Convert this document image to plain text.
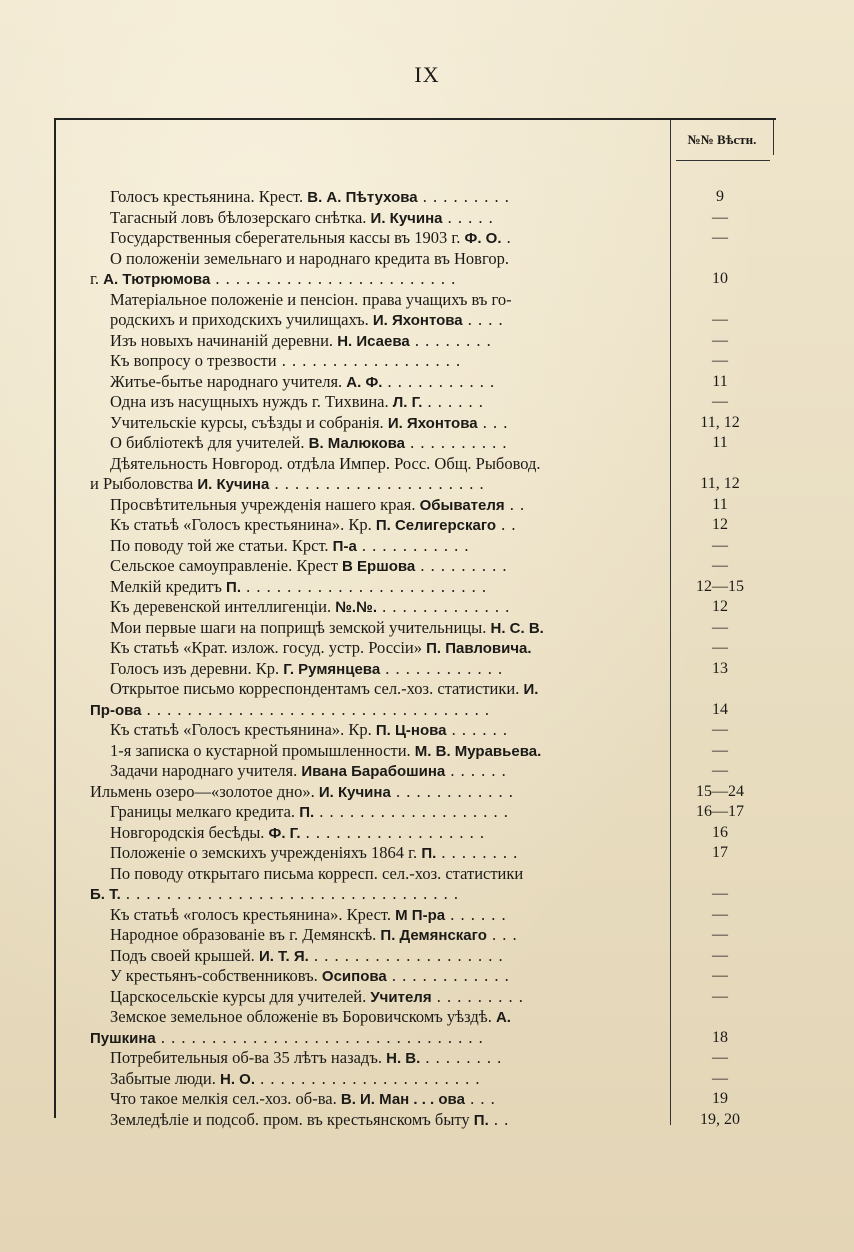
IX
№№ Вѣстн.
Голосъ крестьянина. Крест. В. А. Пѣтухова . . . . . . . . .	9
Тагасный ловъ бѣлозерскаго снѣтка. И. Кучина . . . . .	—
Государственныя сберегательныя кассы въ 1903 г. Ф. О. .	—
О положеніи земельнаго и народнаго кредита въ Новгор.
г. А. Тютрюмова . . . . . . . . . . . . . . . . . . . . . . . .	10
Матеріальное положеніе и пенсіон. права учащихъ въ го-
родскихъ и приходскихъ училищахъ. И. Яхонтова . . . .	—
Изъ новыхъ начинаній деревни. Н. Исаева . . . . . . . .	—
Къ вопросу о трезвости . . . . . . . . . . . . . . . . . .	—
Житье-бытье народнаго учителя. А. Ф. . . . . . . . . . . .	11
Одна изъ насущныхъ нуждъ г. Тихвина. Л. Г. . . . . . .	—
Учительскіе курсы, съѣзды и собранія. И. Яхонтова . . .	11, 12
О библіотекѣ для учителей. В. Малюкова . . . . . . . . . .	11
Дѣятельность Новгород. отдѣла Импер. Росс. Общ. Рыбовод.
и Рыболовства И. Кучина . . . . . . . . . . . . . . . . . . . . .	11, 12
Просвѣтительныя учрежденія нашего края. Обывателя . .	11
Къ статьѣ «Голосъ крестьянина». Кр. П. Селигерскаго . .	12
По поводу той же статьи. Крст. П-а . . . . . . . . . . .	—
Сельское самоуправленіе. Крест В Ершова . . . . . . . . .	—
Мелкій кредитъ П. . . . . . . . . . . . . . . . . . . . . . . . .	12—15
Къ деревенской интеллигенціи. №.№. . . . . . . . . . . . . .	12
Мои первые шаги на поприщѣ земской учительницы. Н. С. В.	—
Къ статьѣ «Крат. излож. госуд. устр. Россіи» П. Павловича.	—
Голосъ изъ деревни. Кр. Г. Румянцева . . . . . . . . . . . .	13
Открытое письмо корреспондентамъ сел.-хоз. статистики. И.
Пр-ова . . . . . . . . . . . . . . . . . . . . . . . . . . . . . . . . . .	14
Къ статьѣ «Голосъ крестьянина». Кр. П. Ц-нова . . . . . .	—
1-я записка о кустарной промышленности. М. В. Муравьева.	—
Задачи народнаго учителя. Ивана Барабошина . . . . . .	—
Ильмень озеро—«золотое дно». И. Кучина . . . . . . . . . . . .	15—24
Границы мелкаго кредита. П. . . . . . . . . . . . . . . . . . . .	16—17
Новгородскія бесѣды. Ф. Г. . . . . . . . . . . . . . . . . . .	16
Положеніе о земскихъ учрежденіяхъ 1864 г. П. . . . . . . . .	17
По поводу открытаго письма корресп. сел.-хоз. статистики
Б. Т. . . . . . . . . . . . . . . . . . . . . . . . . . . . . . . . . .	—
Къ статьѣ «голосъ крестьянина». Крест. М П-ра . . . . . .	—
Народное образованіе въ г. Демянскѣ. П. Демянскаго . . .	—
Подъ своей крышей. И. Т. Я. . . . . . . . . . . . . . . . . . . .	—
У крестьянъ-собственниковъ. Осипова . . . . . . . . . . . .	—
Царскосельскіе курсы для учителей. Учителя . . . . . . . . .	—
Земское земельное обложеніе въ Боровичскомъ уѣздѣ. А.
Пушкина . . . . . . . . . . . . . . . . . . . . . . . . . . . . . . . .	18
Потребительныя об-ва 35 лѣтъ назадъ. Н. В. . . . . . . . .	—
Забытые люди. Н. О. . . . . . . . . . . . . . . . . . . . . . .	—
Что такое мелкія сел.-хоз. об-ва. В. И. Ман . . . ова . . .	19
Земледѣліе и подсоб. пром. въ крестьянскомъ быту П. . .	19, 20
